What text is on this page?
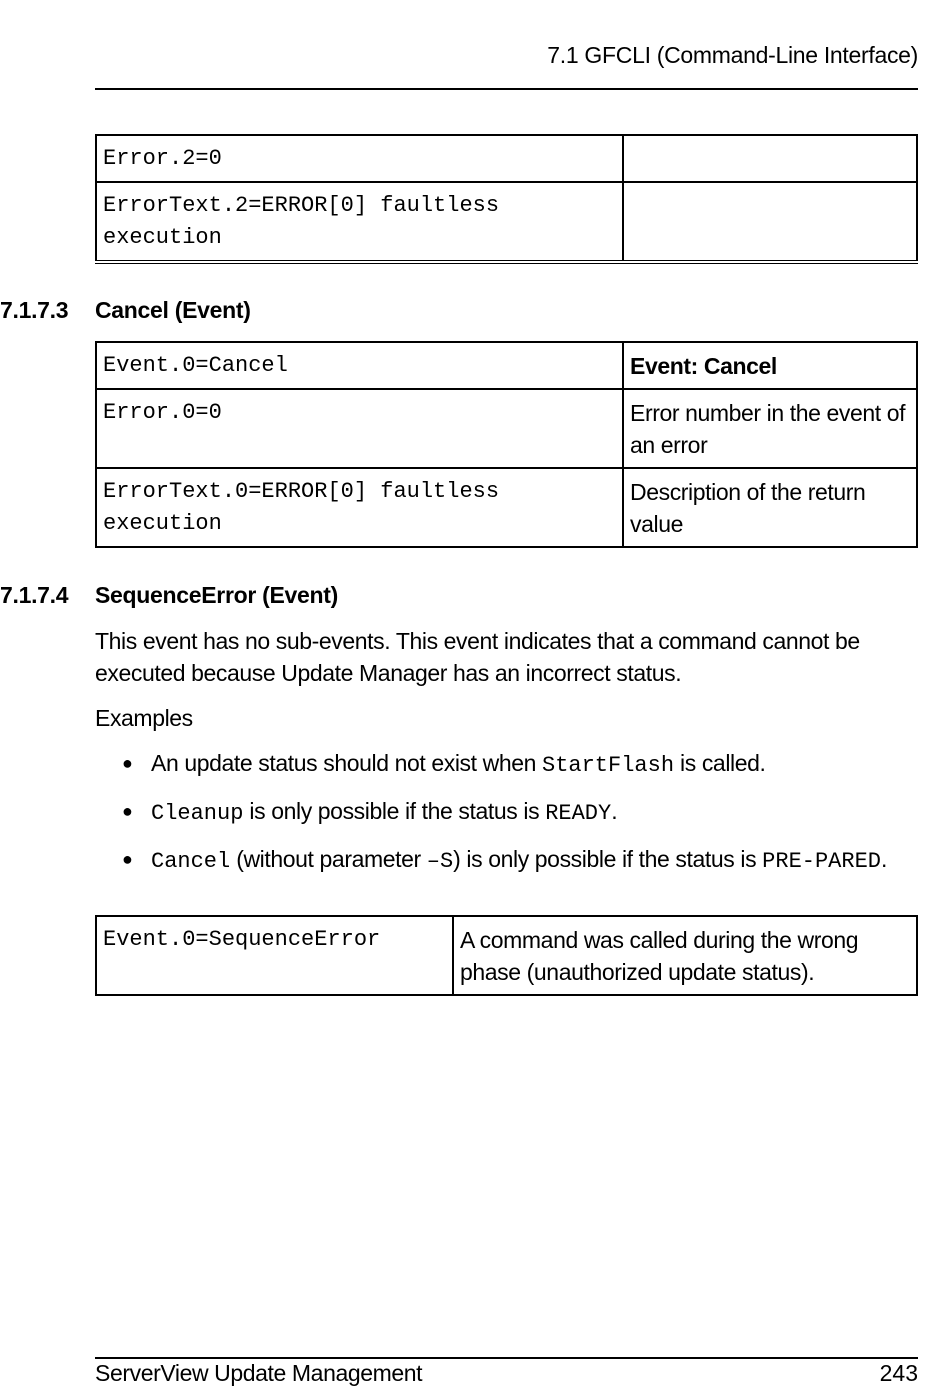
7.1 GFCLI (Command-Line Interface)
Error.2=0	
ErrorText.2=ERROR[0] faultless execution	
7.1.7.3 Cancel (Event)
Event.0=Cancel	Event: Cancel
Error.0=0	Error number in the event of an error
ErrorText.0=ERROR[0] faultless execution	Description of the return value
7.1.7.4 SequenceError (Event)
This event has no sub-events. This event indicates that a command cannot be executed because Update Manager has an incorrect status.
Examples
● An update status should not exist when StartFlash is called.
● Cleanup is only possible if the status is READY.
● Cancel (without parameter –S) is only possible if the status is PRE-PARED.
Event.0=SequenceError	A command was called during the wrong phase (unauthorized update status).
ServerView Update Management	243
